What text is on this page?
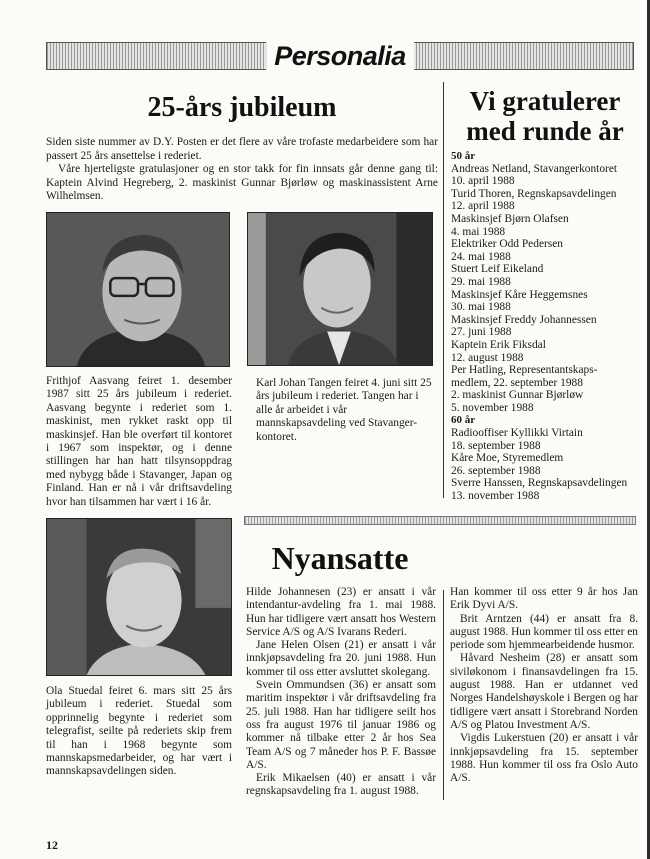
Personalia
25-års jubileum

Siden siste nummer av D.Y. Posten er det flere av våre trofaste medarbeidere som har passert 25 års ansettelse i rederiet.

Våre hjerteligste gratulasjoner og en stor takk for fin innsats går denne gang til: Kaptein Alvind Hegreberg, 2. maskinist Gunnar Bjørløw og maskinassistent Arne Wilhelmsen.

Frithjof Aasvang feiret 1. desember 1987 sitt 25 års jubileum i rederiet. Aasvang begynte i rederiet som 1. maskinist, men rykket raskt opp til maskinsjef. Han ble overført til kontoret i 1967 som inspektør, og i denne stillingen har han hatt tilsynsoppdrag med nybygg både i Stavanger, Japan og Finland. Han er nå i vår driftsavdeling hvor han tilsammen har vært i 16 år.
Karl Johan Tangen feiret 4. juni sitt 25 års jubileum i rederiet. Tangen har i alle år arbeidet i vår mannskapsavdeling ved Stavanger-kontoret.
Ola Stuedal feiret 6. mars sitt 25 års jubileum i rederiet. Stuedal som opprinnelig begynte i rederiet som telegrafist, seilte på rederiets skip frem til han i 1968 begynte som mannskapsmedarbeider, og har vært i mannskapsavdelingen siden.
Vi gratulerer
med runde år
50 år
Andreas Netland, Stavangerkontoret
10. april 1988
Turid Thoren, Regnskapsavdelingen
12. april 1988
Maskinsjef Bjørn Olafsen
4. mai 1988
Elektriker Odd Pedersen
24. mai 1988
Stuert Leif Eikeland
29. mai 1988
Maskinsjef Kåre Heggemsnes
30. mai 1988
Maskinsjef Freddy Johannessen
27. juni 1988
Kaptein Erik Fiksdal
12. august 1988
Per Hatling, Representantskaps-
medlem, 22. september 1988
2. maskinist Gunnar Bjørløw
5. november 1988
60 år
Radiooffiser Kyllikki Virtain
18. september 1988
Kåre Moe, Styremedlem
26. september 1988
Sverre Hanssen, Regnskapsavdelingen
13. november 1988
Nyansatte

Hilde Johannesen (23) er ansatt i vår intendantur-avdeling fra 1. mai 1988. Hun har tidligere vært ansatt hos Western Service A/S og A/S Ivarans Rederi.

Jane Helen Olsen (21) er ansatt i vår innkjøpsavdeling fra 20. juni 1988. Hun kommer til oss etter avsluttet skolegang.

Svein Ommundsen (36) er ansatt som maritim inspektør i vår driftsavdeling fra 25. juli 1988. Han har tidligere seilt hos oss fra august 1976 til januar 1986 og kommer nå tilbake etter 2 år hos Sea Team A/S og 7 måneder hos P. F. Bassøe A/S.

Erik Mikaelsen (40) er ansatt i vår regnskapsavdeling fra 1. august 1988.

Han kommer til oss etter 9 år hos Jan Erik Dyvi A/S.

Brit Arntzen (44) er ansatt fra 8. august 1988. Hun kommer til oss etter en periode som hjemmearbeidende husmor.

Håvard Nesheim (28) er ansatt som siviløkonom i finansavdelingen fra 15. august 1988. Han er utdannet ved Norges Handelshøyskole i Bergen og har tidligere vært ansatt i Storebrand Norden A/S og Platou Investment A/S.

Vigdis Lukerstuen (20) er ansatt i vår innkjøpsavdeling fra 15. september 1988. Hun kommer til oss fra Oslo Auto A/S.

12
